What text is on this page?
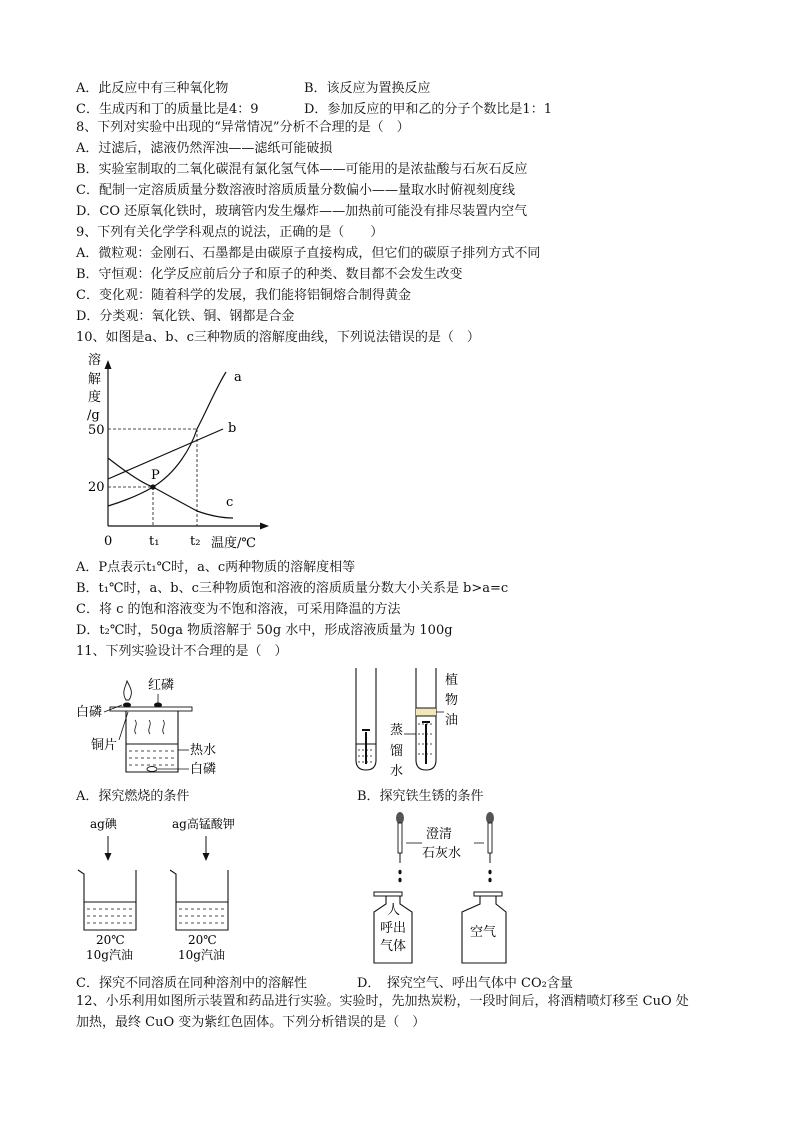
A．此反应中有三种氧化物	B．该反应为置换反应
C．生成丙和丁的质量比是4：9	D．参加反应的甲和乙的分子个数比是1：1
8、下列对实验中出现的“异常情况”分析不合理的是（　）
A．过滤后，滤液仍然浑浊——滤纸可能破损
B．实验室制取的二氧化碳混有氯化氢气体——可能用的是浓盐酸与石灰石反应
C．配制一定溶质质量分数溶液时溶质质量分数偏小——量取水时俯视刻度线
D．CO 还原氧化铁时，玻璃管内发生爆炸——加热前可能没有排尽装置内空气
9、下列有关化学学科观点的说法，正确的是（　　）
A．微粒观：金刚石、石墨都是由碳原子直接构成，但它们的碳原子排列方式不同
B．守恒观：化学反应前后分子和原子的种类、数目都不会发生改变
C．变化观：随着科学的发展，我们能将铝铜熔合制得黄金
D．分类观：氧化铁、铜、钢都是合金
10、如图是a、b、c三种物质的溶解度曲线，下列说法错误的是（　）
溶
解
度
/g
50
20
0	t₁ t₂ 温度/℃
a
b
c
P
A．P点表示t₁℃时，a、c两种物质的溶解度相等
B．t₁℃时，a、b、c三种物质饱和溶液的溶质质量分数大小关系是 b>a=c
C．将 c 的饱和溶液变为不饱和溶液，可采用降温的方法
D．t₂℃时，50ga 物质溶解于 50g 水中，形成溶液质量为 100g
11、下列实验设计不合理的是（　）
红磷
白磷
铜片	热水
白磷
A．探究燃烧的条件
植
物
油
蒸
馏
水
B．探究铁生锈的条件
ag碘	ag高锰酸钾
20℃
10g汽油
20℃
10g汽油
澄清
石灰水
人
呼出
气体
空气
C．探究不同溶质在同种溶剂中的溶解性	D．　探究空气、呼出气体中 CO₂含量
12、小乐利用如图所示装置和药品进行实验。实验时，先加热炭粉，一段时间后，将酒精喷灯移至 CuO 处
加热，最终 CuO 变为紫红色固体。下列分析错误的是（　）
